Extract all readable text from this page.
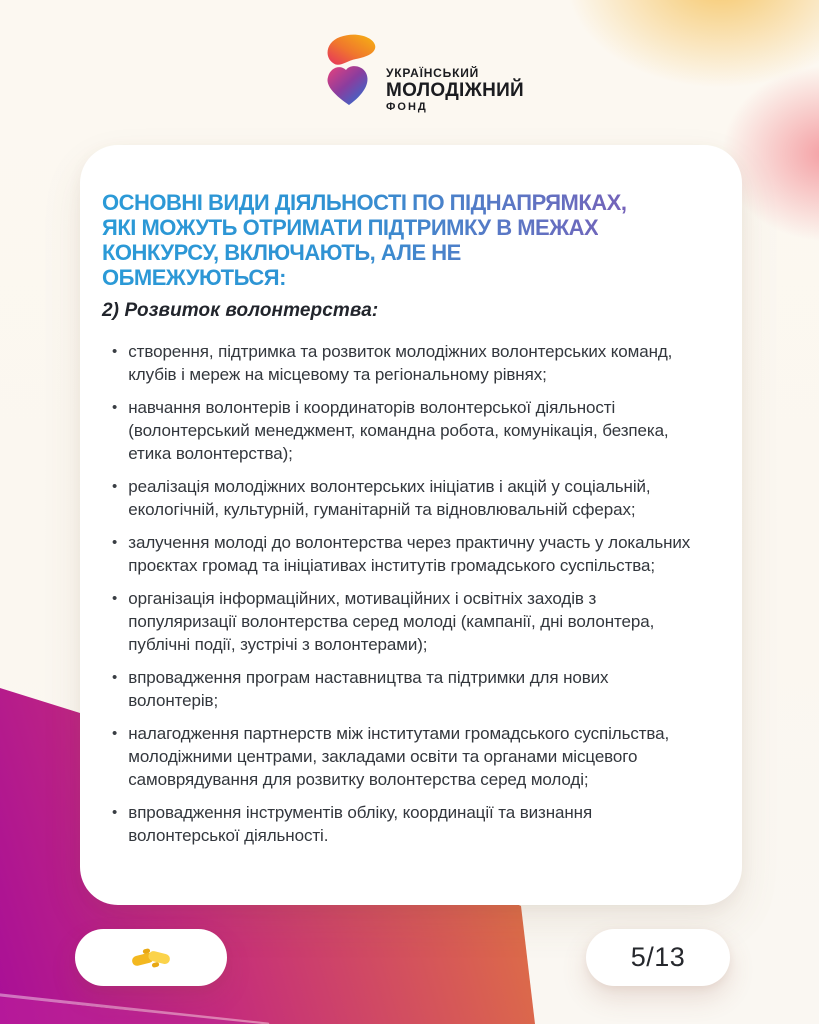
УКРАЇНСЬКИЙ
МОЛОДІЖНИЙ
ФОНД
ОСНОВНІ ВИДИ ДІЯЛЬНОСТІ ПО ПІДНАПРЯМКАХ,
ЯКІ МОЖУТЬ ОТРИМАТИ ПІДТРИМКУ В МЕЖАХ
КОНКУРСУ, ВКЛЮЧАЮТЬ, АЛЕ НЕ
ОБМЕЖУЮТЬСЯ:
2) Розвиток волонтерства:
• створення, підтримка та розвиток молодіжних волонтерських команд, клубів і мереж на місцевому та регіональному рівнях;
• навчання волонтерів і координаторів волонтерської діяльності (волонтерський менеджмент, командна робота, комунікація, безпека, етика волонтерства);
• реалізація молодіжних волонтерських ініціатив і акцій у соціальній, екологічній, культурній, гуманітарній та відновлювальній сферах;
• залучення молоді до волонтерства через практичну участь у локальних проєктах громад та ініціативах інститутів громадського суспільства;
• організація інформаційних, мотиваційних і освітніх заходів з популяризації волонтерства серед молоді (кампанії, дні волонтера, публічні події, зустрічі з волонтерами);
• впровадження програм наставництва та підтримки для нових волонтерів;
• налагодження партнерств між інститутами громадського суспільства, молодіжними центрами, закладами освіти та органами місцевого самоврядування для розвитку волонтерства серед молоді;
• впровадження інструментів обліку, координації та визнання волонтерської діяльності.
5/13
